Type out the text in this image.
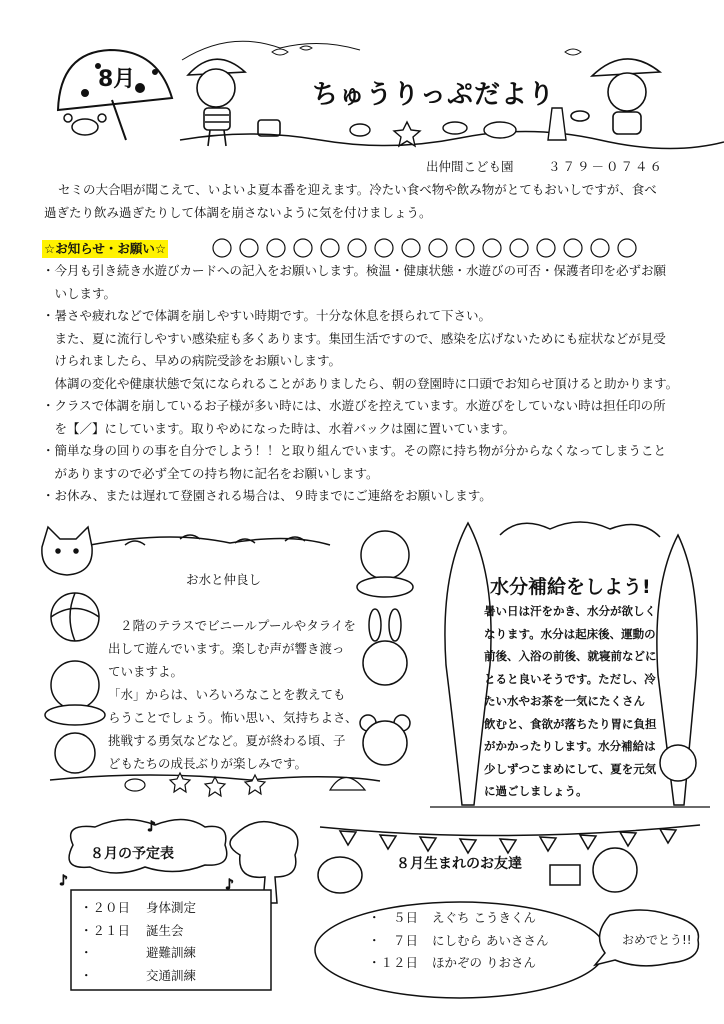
8月
ちゅうりっぷだより
出仲間こども園	３７９－０７４６
セミの大合唱が聞こえて、いよいよ夏本番を迎えます。冷たい食べ物や飲み物がとてもおいしですが、食べ
過ぎたり飲み過ぎたりして体調を崩さないように気を付けましょう。
☆お知らせ・お願い☆
・今月も引き続き水遊びカードへの記入をお願いします。検温・健康状態・水遊びの可否・保護者印を必ずお願
　いします。
・暑さや疲れなどで体調を崩しやすい時期です。十分な休息を摂られて下さい。
　また、夏に流行しやすい感染症も多くあります。集団生活ですので、感染を広げないためにも症状などが見受
　けられましたら、早めの病院受診をお願いします。
　体調の変化や健康状態で気になられることがありましたら、朝の登園時に口頭でお知らせ頂けると助かります。
・クラスで体調を崩しているお子様が多い時には、水遊びを控えています。水遊びをしていない時は担任印の所
　を【／】にしています。取りやめになった時は、水着バックは園に置いています。
・簡単な身の回りの事を自分でしよう！！と取り組んでいます。その際に持ち物が分からなくなってしまうこと
　がありますので必ず全ての持ち物に記名をお願いします。
・お休み、または遅れて登園される場合は、９時までにご連絡をお願いします。
お水と仲良し
２階のテラスでビニールプールやタライを
出して遊んでいます。楽しむ声が響き渡っ
ていますよ。
「水」からは、いろいろなことを教えても
らうことでしょう。怖い思い、気持ちよさ、
挑戦する勇気などなど。夏が終わる頃、子
どもたちの成長ぶりが楽しみです。
水分補給をしよう!
暑い日は汗をかき、水分が欲しく
なります。水分は起床後、運動の
前後、入浴の前後、就寝前などに
とると良いそうです。ただし、冷
たい水やお茶を一気にたくさん
飲むと、食欲が落ちたり胃に負担
がかかったりします。水分補給は
少しずつこまめにして、夏を元気
に過ごしましょう。
♪
♪	♪
８月の予定表
・２０日 身体測定
・２１日 誕生会
・	避難訓練
・	交通訓練
８月生まれのお友達
・　５日 えぐち こうきくん
・　７日 にしむら あいささん
・１２日 ほかぞの りおさん
おめでとう!!
